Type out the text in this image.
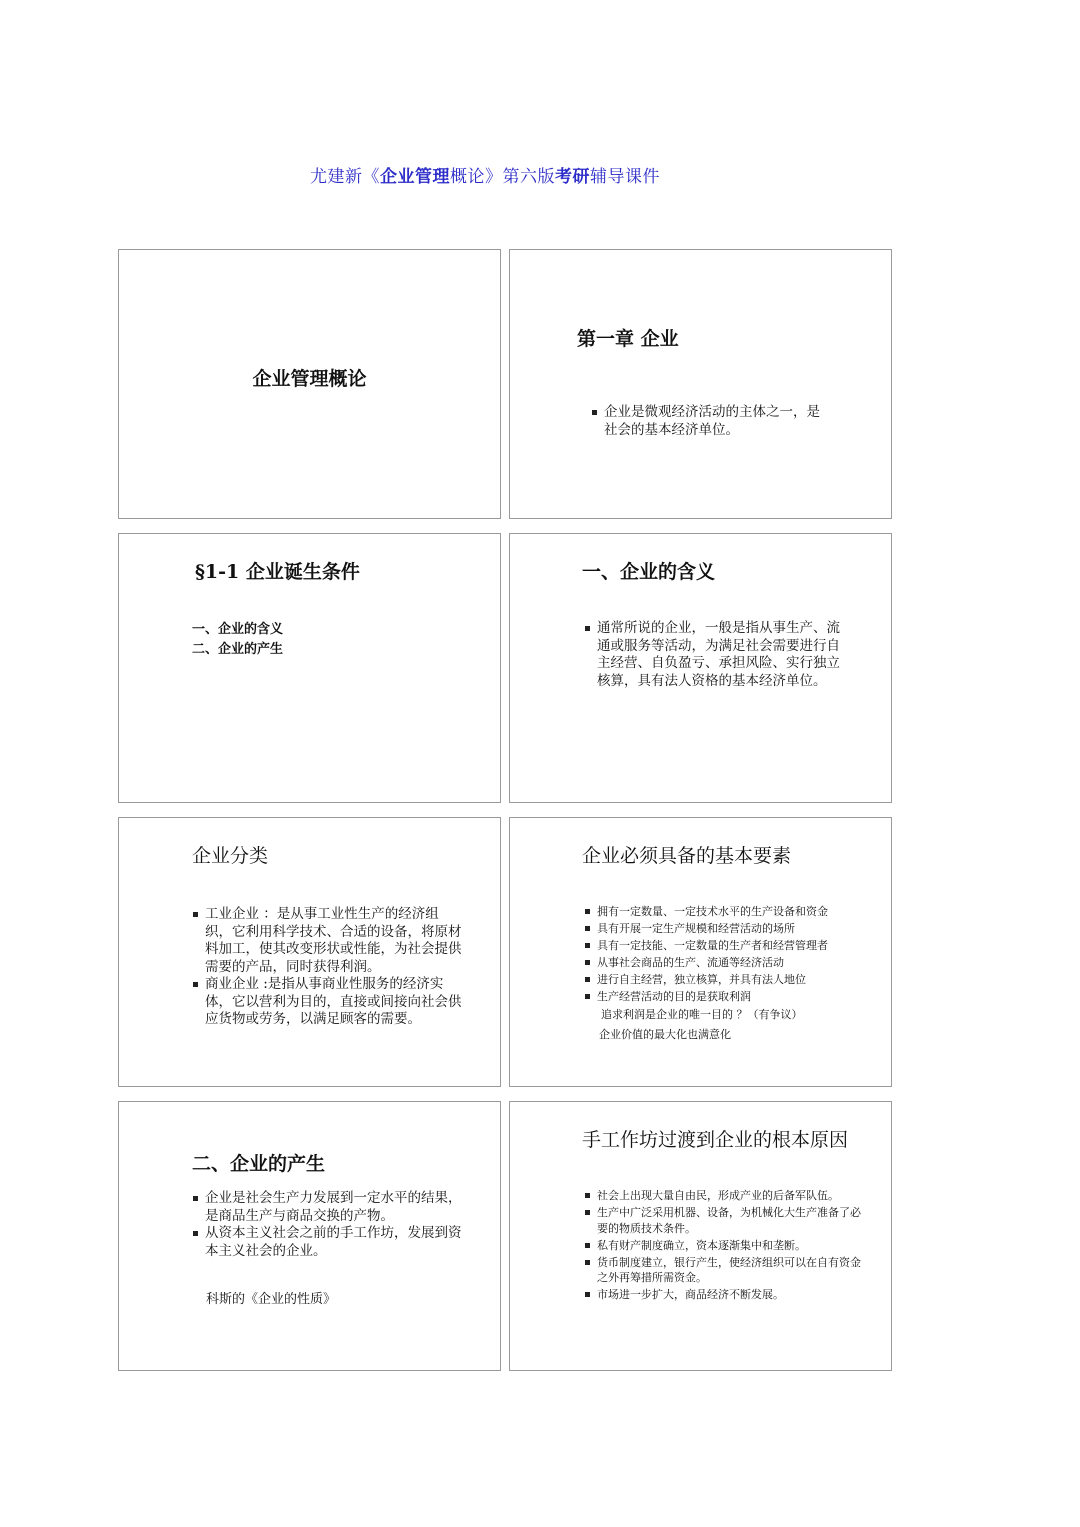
尤建新《企业管理概论》第六版考研辅导课件
企业管理概论
第一章 企业
企业是微观经济活动的主体之一，是社会的基本经济单位。
§1-1 企业诞生条件
一、企业的含义
二、企业的产生
一、企业的含义
通常所说的企业，一般是指从事生产、流通或服务等活动，为满足社会需要进行自主经营、自负盈亏、承担风险、实行独立核算，具有法人资格的基本经济单位。
企业分类
工业企业 ：是从事工业性生产的经济组织，它利用科学技术、合适的设备，将原材料加工，使其改变形状或性能，为社会提供需要的产品，同时获得利润。
商业企业 :是指从事商业性服务的经济实体，它以营利为目的，直接或间接向社会供应货物或劳务，以满足顾客的需要。
企业必须具备的基本要素
拥有一定数量、一定技术水平的生产设备和资金
具有开展一定生产规模和经营活动的场所
具有一定技能、一定数量的生产者和经营管理者
从事社会商品的生产、流通等经济活动
进行自主经营，独立核算，并具有法人地位
生产经营活动的目的是获取利润
追求利润是企业的唯一目的 ？（有争议）
企业价值的最大化也满意化
二、企业的产生
企业是社会生产力发展到一定水平的结果，是商品生产与商品交换的产物。
从资本主义社会之前的手工作坊，发展到资本主义社会的企业。
科斯的《企业的性质》
手工作坊过渡到企业的根本原因
社会上出现大量自由民，形成产业的后备军队伍。
生产中广泛采用机器、设备，为机械化大生产准备了必要的物质技术条件。
私有财产制度确立，资本逐渐集中和垄断。
货币制度建立，银行产生，使经济组织可以在自有资金之外再筹措所需资金。
市场进一步扩大，商品经济不断发展。
